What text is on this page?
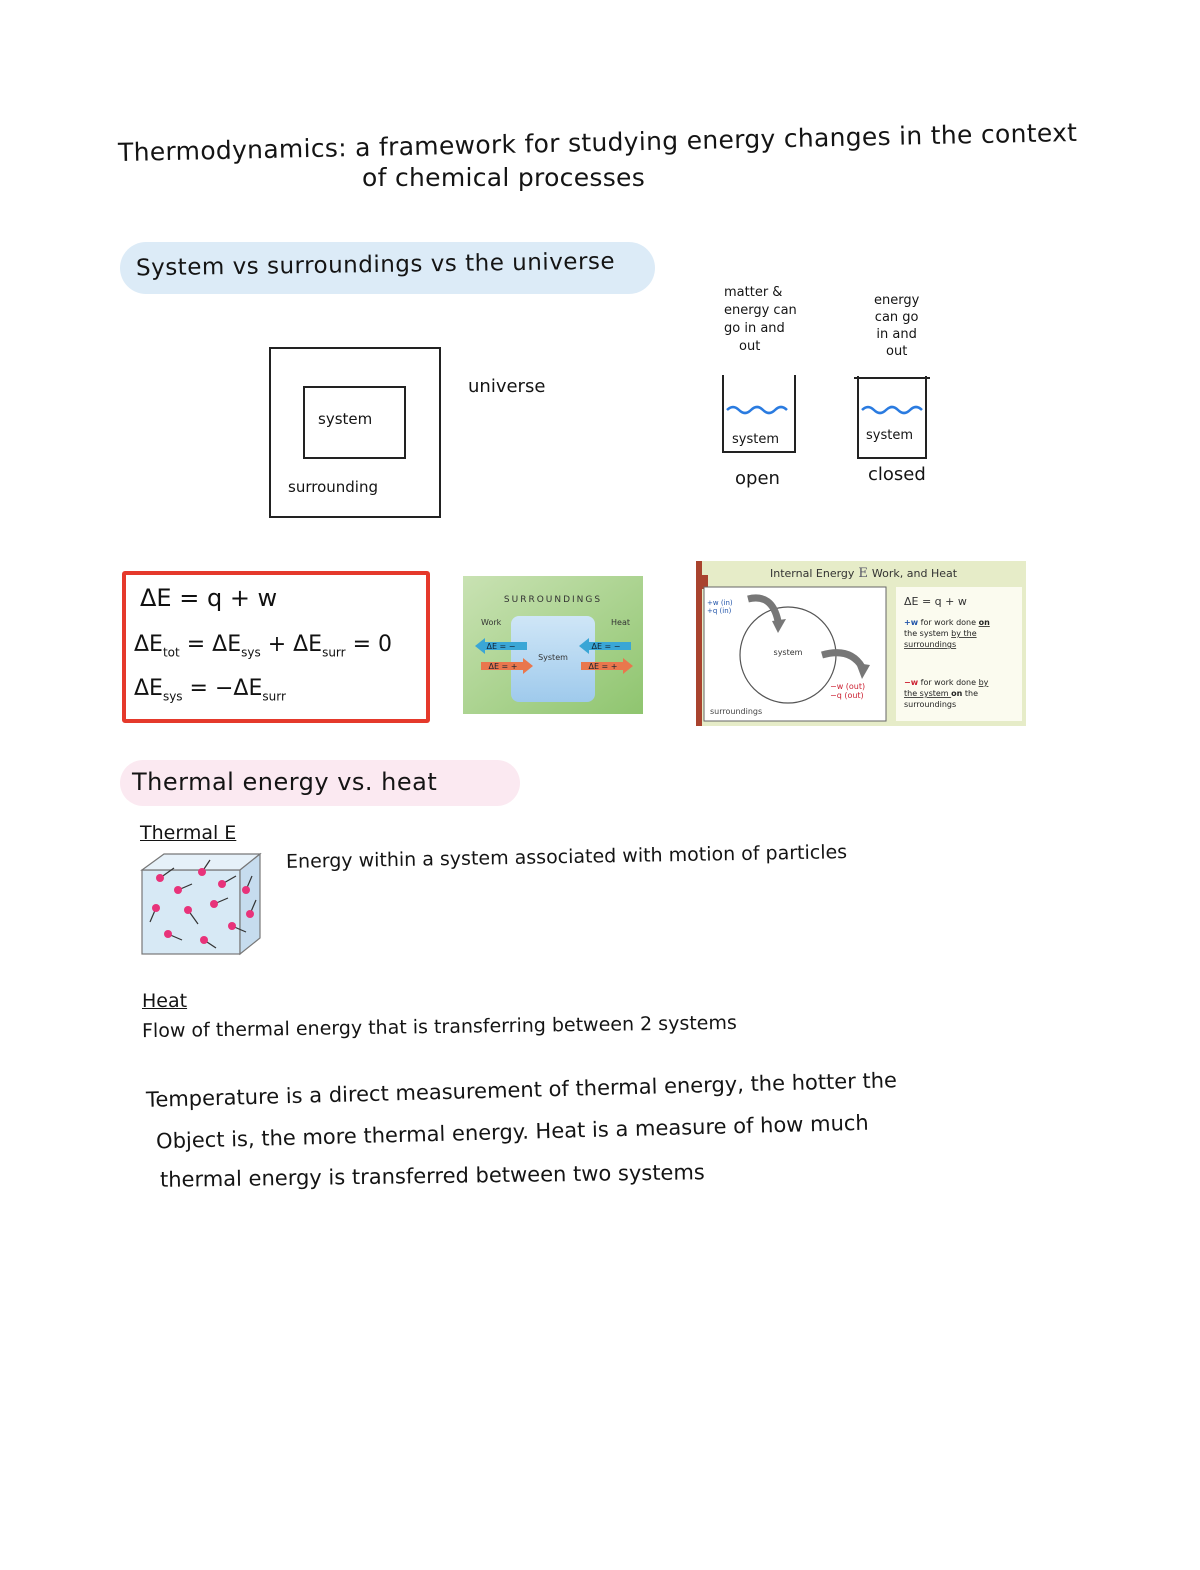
Thermodynamics: a framework for studying energy changes in the context
of chemical processes
System vs surroundings vs the universe
system
surrounding
universe
matter &
energy can
go in and
out
energy
can go
in and
out
system
open
system
closed
ΔE = q + w
$\Delta E_{tot} = \Delta E_{sys} + \Delta E_{surr} = 0$
$\Delta E_{sys} = -\Delta E_{surr}$
SURROUNDINGS
Work	Heat
System
ΔE = −
ΔE = +
ΔE = −
ΔE = +
Internal Energy E Work, and Heat
+w (in)
+q (in)
system
−w (out)
−q (out)
surroundings
ΔE = q + w
+w for work done on
the system by the
surroundings
−w for work done by
the system on the
surroundings
Thermal energy vs. heat
Thermal E
Energy within a system associated with motion of particles
Heat
Flow of thermal energy that is transferring between 2 systems
Temperature is a direct measurement of thermal energy, the hotter the
Object is, the more thermal energy. Heat is a measure of how much
thermal energy is transferred between two systems
